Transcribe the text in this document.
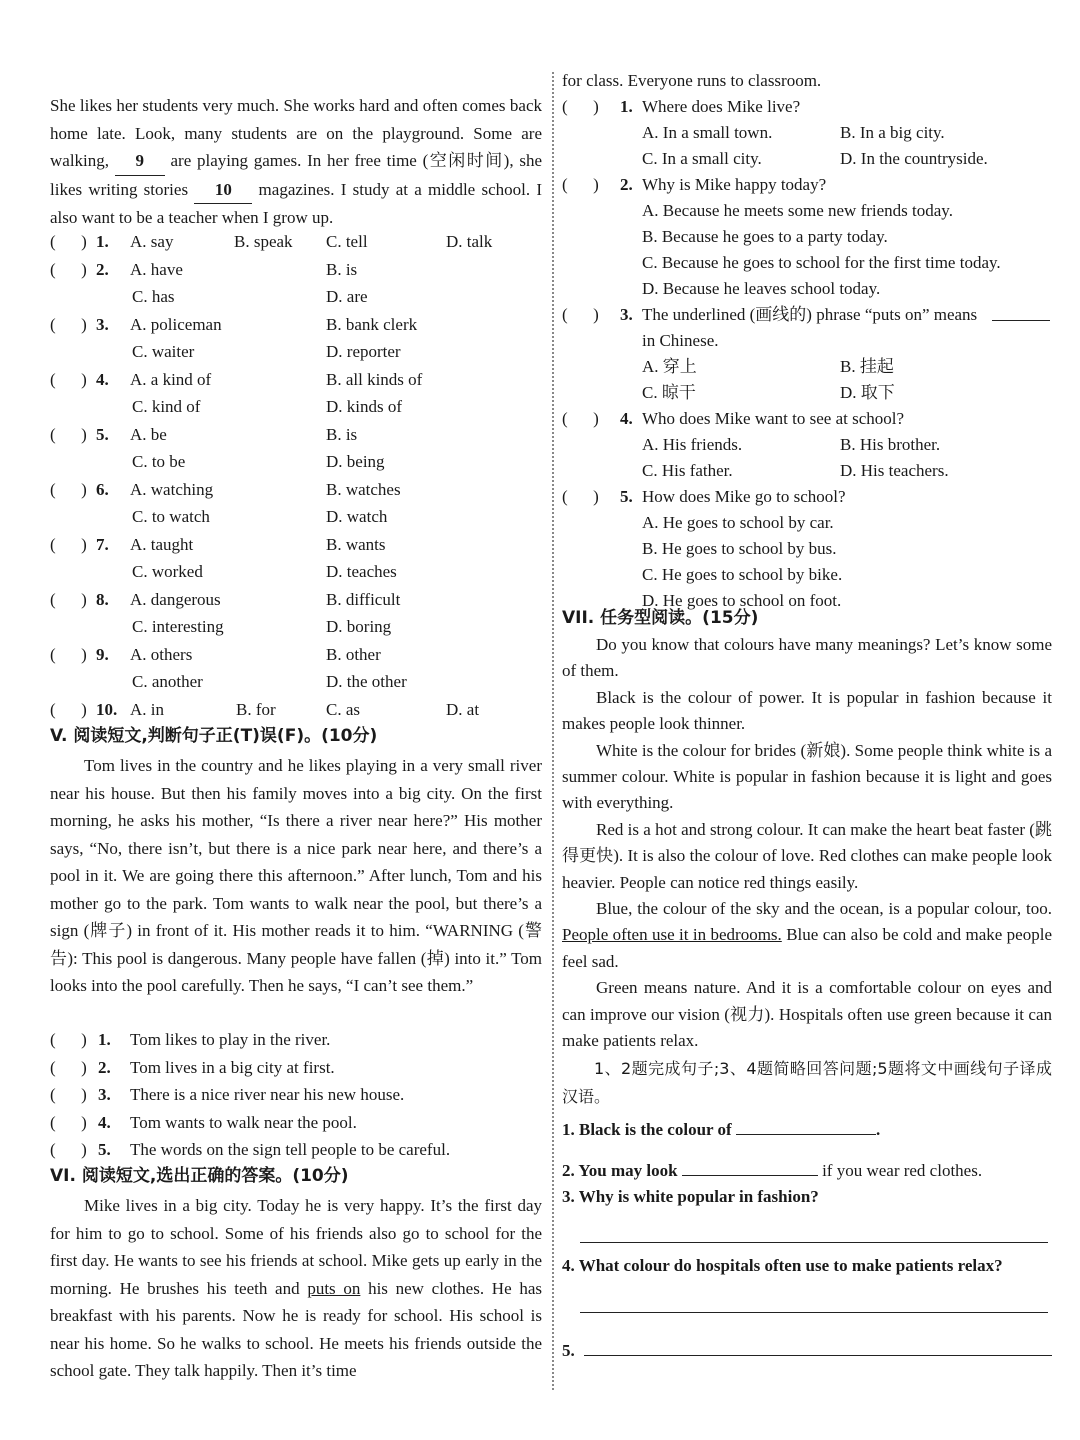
She likes her students very much. She works hard and often comes back home late. Look, many students are on the playground. Some are walking, 9 are playing games. In her free time (空闲时间), she likes writing stories 10 magazines. I study at a middle school. I also want to be a teacher when I grow up.

(      ) 1. A. say	B. speak C. tell	D. talk
(      ) 2. A. have	B. is
C. has	D. are
(      ) 3. A. policeman	B. bank clerk
C. waiter	D. reporter
(      ) 4. A. a kind of	B. all kinds of
C. kind of	D. kinds of
(      ) 5. A. be	B. is
C. to be	D. being
(      ) 6. A. watching	B. watches
C. to watch	D. watch
(      ) 7. A. taught	B. wants
C. worked	D. teaches
(      ) 8. A. dangerous	B. difficult
C. interesting	D. boring
(      ) 9. A. others	B. other
C. another	D. the other
(      ) 10. A. in	B. for	C. as	D. at

V. 阅读短文,判断句子正(T)误(F)。(10分)

Tom lives in the country and he likes playing in a very small river near his house. But then his family moves into a big city. On the first morning, he asks his mother, “Is there a river near here?” His mother says, “No, there isn’t, but there is a nice park near here, and there’s a pool in it. We are going there this afternoon.” After lunch, Tom and his mother go to the park. Tom wants to walk near the pool, but there’s a sign (牌子) in front of it. His mother reads it to him. “WARNING (警告): This pool is dangerous. Many people have fallen (掉) into it.” Tom looks into the pool carefully. Then he says, “I can’t see them.”

(      ) 1. Tom likes to play in the river.
(      ) 2. Tom lives in a big city at first.
(      ) 3. There is a nice river near his new house.
(      ) 4. Tom wants to walk near the pool.
(      ) 5. The words on the sign tell people to be careful.

VI. 阅读短文,选出正确的答案。(10分)

Mike lives in a big city. Today he is very happy. It’s the first day for him to go to school. Some of his friends also go to school for the first day. He wants to see his friends at school. Mike gets up early in the morning. He brushes his teeth and puts on his new clothes. He has breakfast with his parents. Now he is ready for school. His school is near his home. So he walks to school. He meets his friends outside the school gate. They talk happily. Then it’s time

for class. Everyone runs to classroom.

(      ) 1. Where does Mike live?
A. In a small town.	B. In a big city.
C. In a small city.	D. In the countryside.
(      ) 2. Why is Mike happy today?
A. Because he meets some new friends today.
B. Because he goes to a party today.
C. Because he goes to school for the first time today.
D. Because he leaves school today.
(      ) 3. The underlined (画线的) phrase “puts on” means
in Chinese.
A. 穿上	B. 挂起
C. 晾干	D. 取下
(      ) 4. Who does Mike want to see at school?
A. His friends.	B. His brother.
C. His father.	D. His teachers.
(      ) 5. How does Mike go to school?
A. He goes to school by car.
B. He goes to school by bus.
C. He goes to school by bike.
D. He goes to school on foot.

VII. 任务型阅读。(15分)

Do you know that colours have many meanings? Let’s know some of them.

Black is the colour of power. It is popular in fashion because it makes people look thinner.

White is the colour for brides (新娘). Some people think white is a summer colour. White is popular in fashion because it is light and goes with everything.

Red is a hot and strong colour. It can make the heart beat faster (跳得更快). It is also the colour of love. Red clothes can make people look heavier. People can notice red things easily.

Blue, the colour of the sky and the ocean, is a popular colour, too. People often use it in bedrooms. Blue can also be cold and make people feel sad.

Green means nature. And it is a comfortable colour on eyes and can improve our vision (视力). Hospitals often use green because it can make patients relax.

1、2题完成句子;3、4题简略回答问题;5题将文中画线句子译成汉语。

1. Black is the colour of	.
2. You may look	if you wear red clothes.
3. Why is white popular in fashion?
4. What colour do hospitals often use to make patients relax?
5.
